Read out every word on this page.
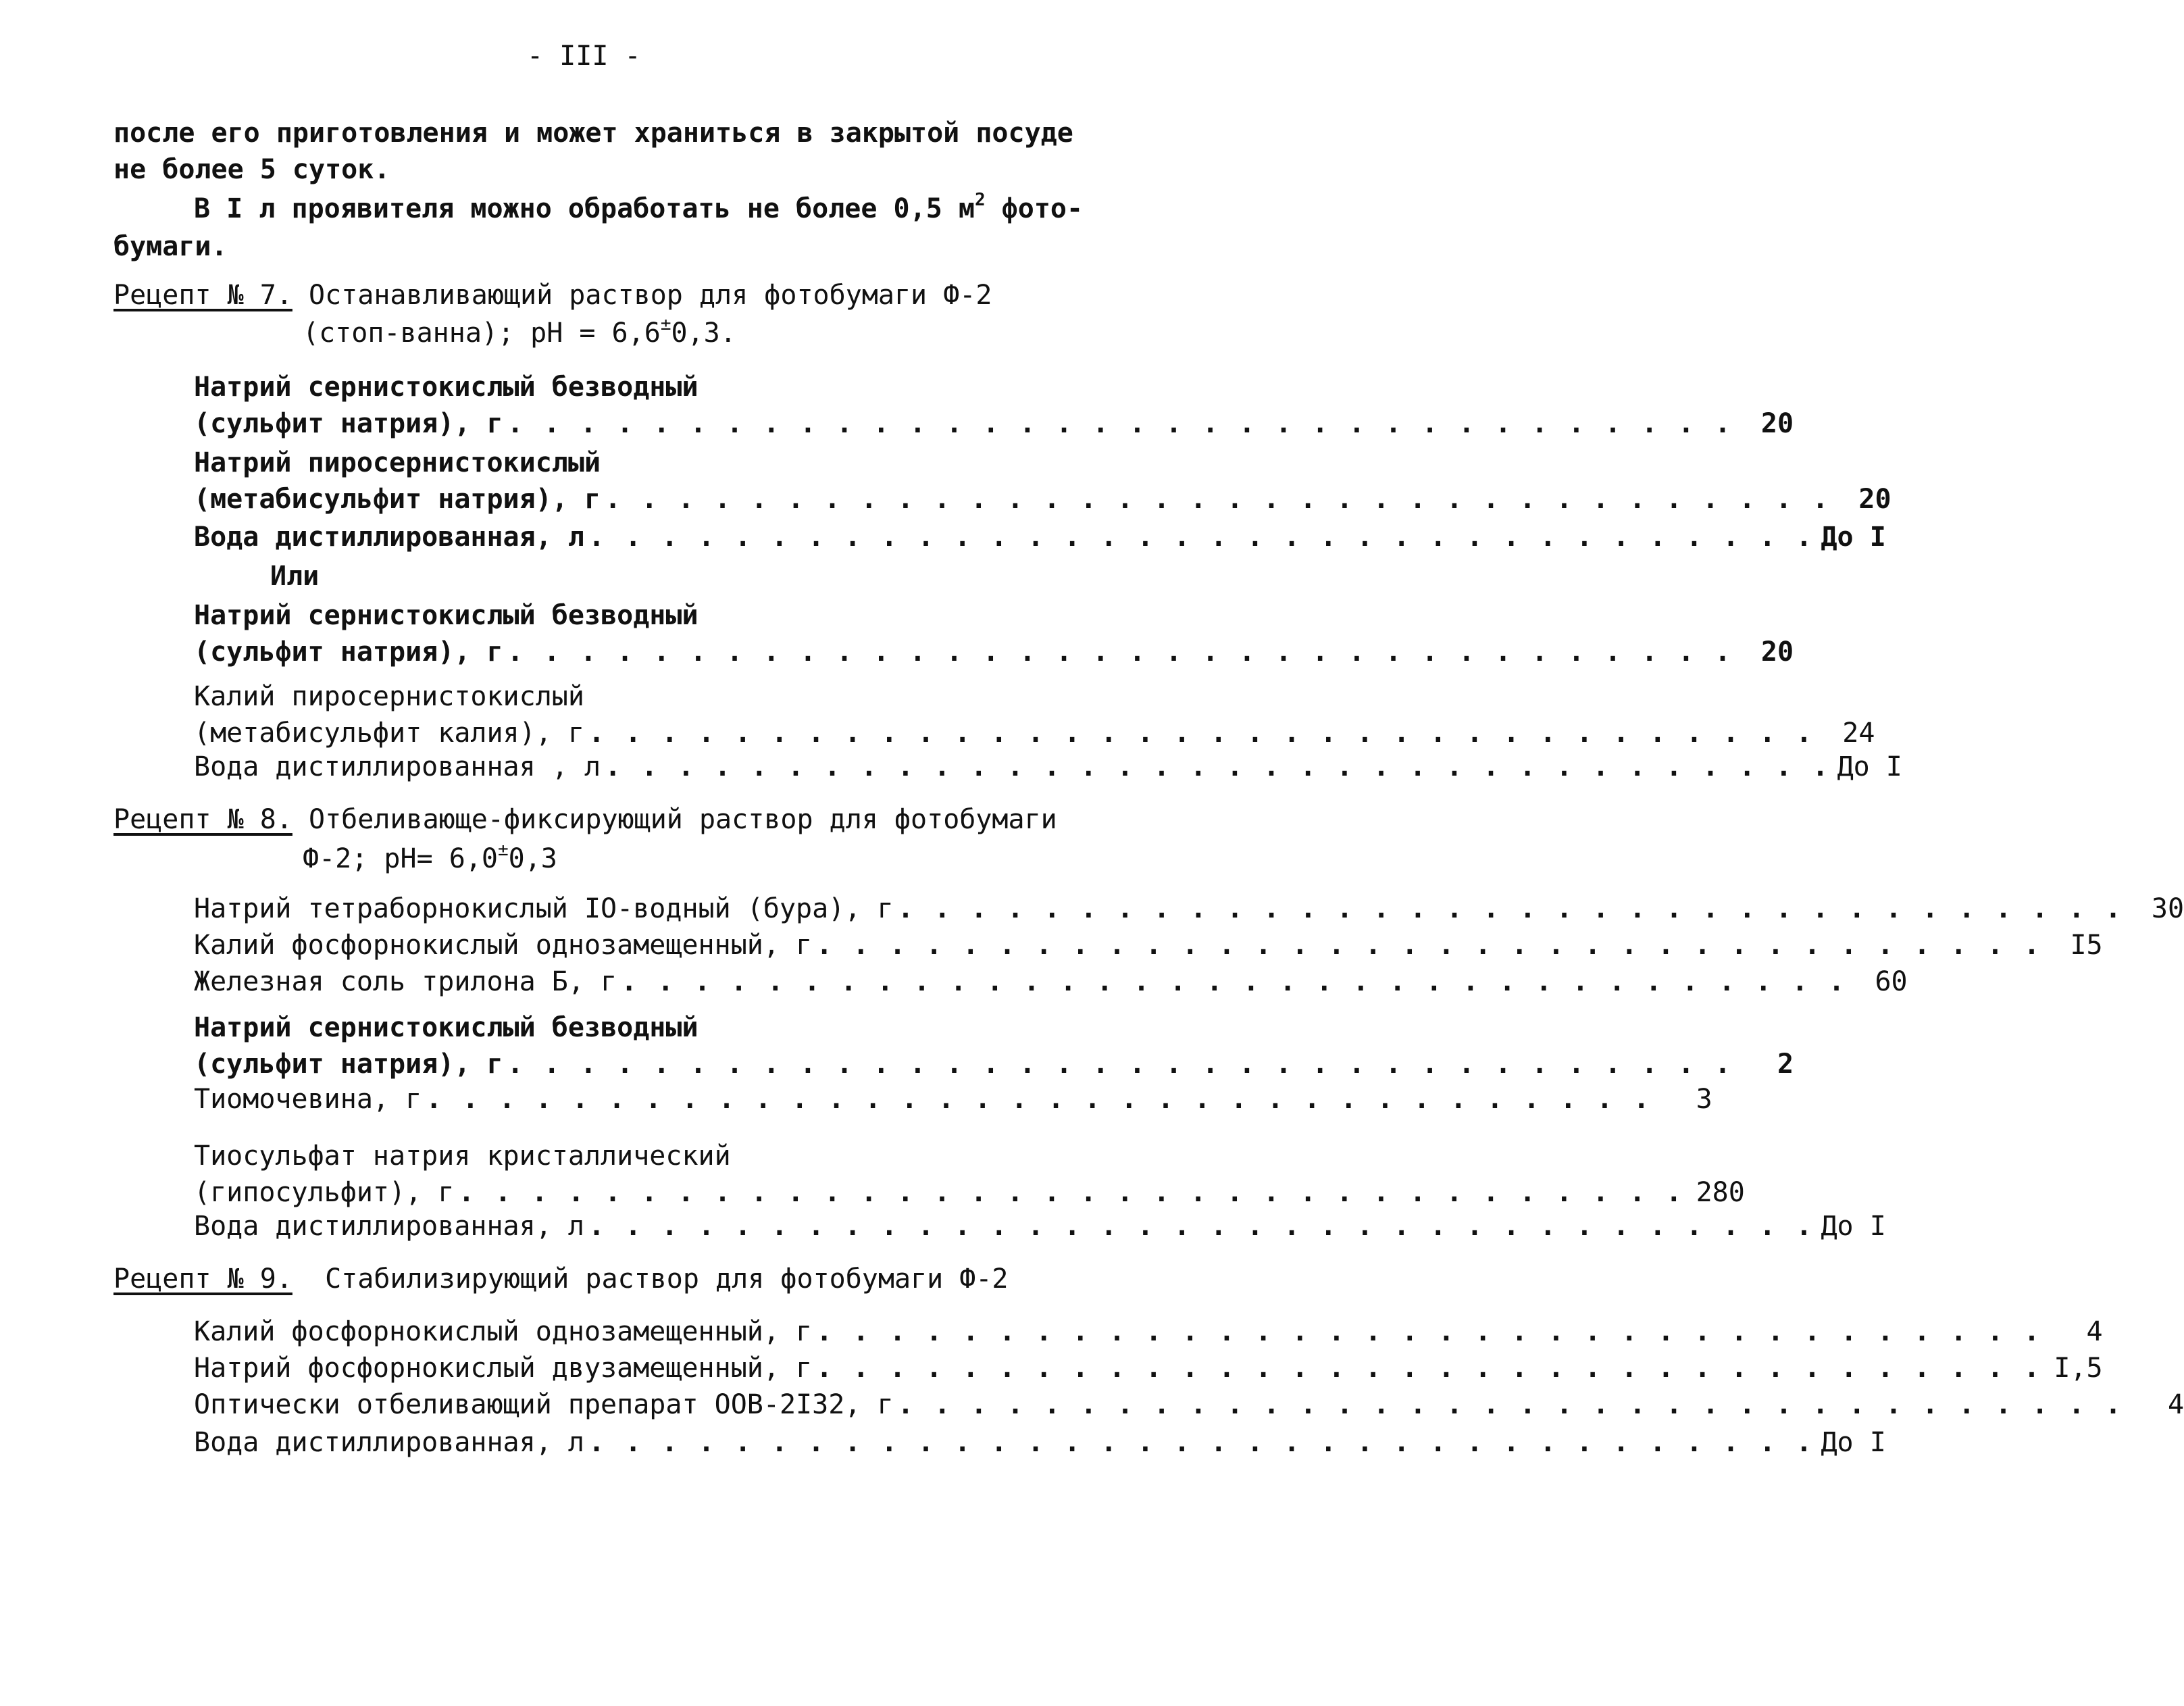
- III -
после его приготовления и может храниться в закрытой посуде
не более 5 суток.
В I л проявителя можно обработать не более 0,5 $м^2$ фото-
бумаги.
Рецепт № 7. Останавливающий раствор для фотобумаги Ф-2
(стоп-ванна); рН = 6,6±0,3.
Натрий сернистокислый безводный
(сульфит натрия), г . . . . . . . . . . . . . . . . . . . . . . . . . . . . . . . . . .	20
Натрий пиросернистокислый
(метабисульфит натрия), г . . . . . . . . . . . . . . . . . . . . . . . . . . . . . . . . . .	20
Вода дистиллированная, л . . . . . . . . . . . . . . . . . . . . . . . . . . . . . . . . . . До I
Или
Натрий сернистокислый безводный
(сульфит натрия), г . . . . . . . . . . . . . . . . . . . . . . . . . . . . . . . . . .	20
Калий пиросернистокислый
(метабисульфит калия), г . . . . . . . . . . . . . . . . . . . . . . . . . . . . . . . . . .	24
Вода дистиллированная , л . . . . . . . . . . . . . . . . . . . . . . . . . . . . . . . . . . До I
Рецепт № 8. Отбеливающе-фиксирующий раствор для фотобумаги
Ф-2; рН= 6,0±0,3
Натрий тетраборнокислый IO-водный (бура), г . . . . . . . . . . . . . . . . . . . . . . . . . . . . . . . . . .	30
Калий фосфорнокислый однозамещенный, г . . . . . . . . . . . . . . . . . . . . . . . . . . . . . . . . . .	I5
Железная соль трилона Б, г . . . . . . . . . . . . . . . . . . . . . . . . . . . . . . . . . .	60
Натрий сернистокислый безводный
(сульфит натрия), г . . . . . . . . . . . . . . . . . . . . . . . . . . . . . . . . . .	2
Тиомочевина, г . . . . . . . . . . . . . . . . . . . . . . . . . . . . . . . . . .	3
Тиосульфат натрия кристаллический
(гипосульфит), г . . . . . . . . . . . . . . . . . . . . . . . . . . . . . . . . . . 280
Вода дистиллированная, л . . . . . . . . . . . . . . . . . . . . . . . . . . . . . . . . . . До I
Рецепт № 9.  Стабилизирующий раствор для фотобумаги Ф-2
Калий фосфорнокислый однозамещенный, г . . . . . . . . . . . . . . . . . . . . . . . . . . . . . . . . . .	4
Натрий фосфорнокислый двузамещенный, г . . . . . . . . . . . . . . . . . . . . . . . . . . . . . . . . . . I,5
Оптически отбеливающий препарат ООВ-2I32, г . . . . . . . . . . . . . . . . . . . . . . . . . . . . . . . . . .	4
Вода дистиллированная, л . . . . . . . . . . . . . . . . . . . . . . . . . . . . . . . . . . До I
